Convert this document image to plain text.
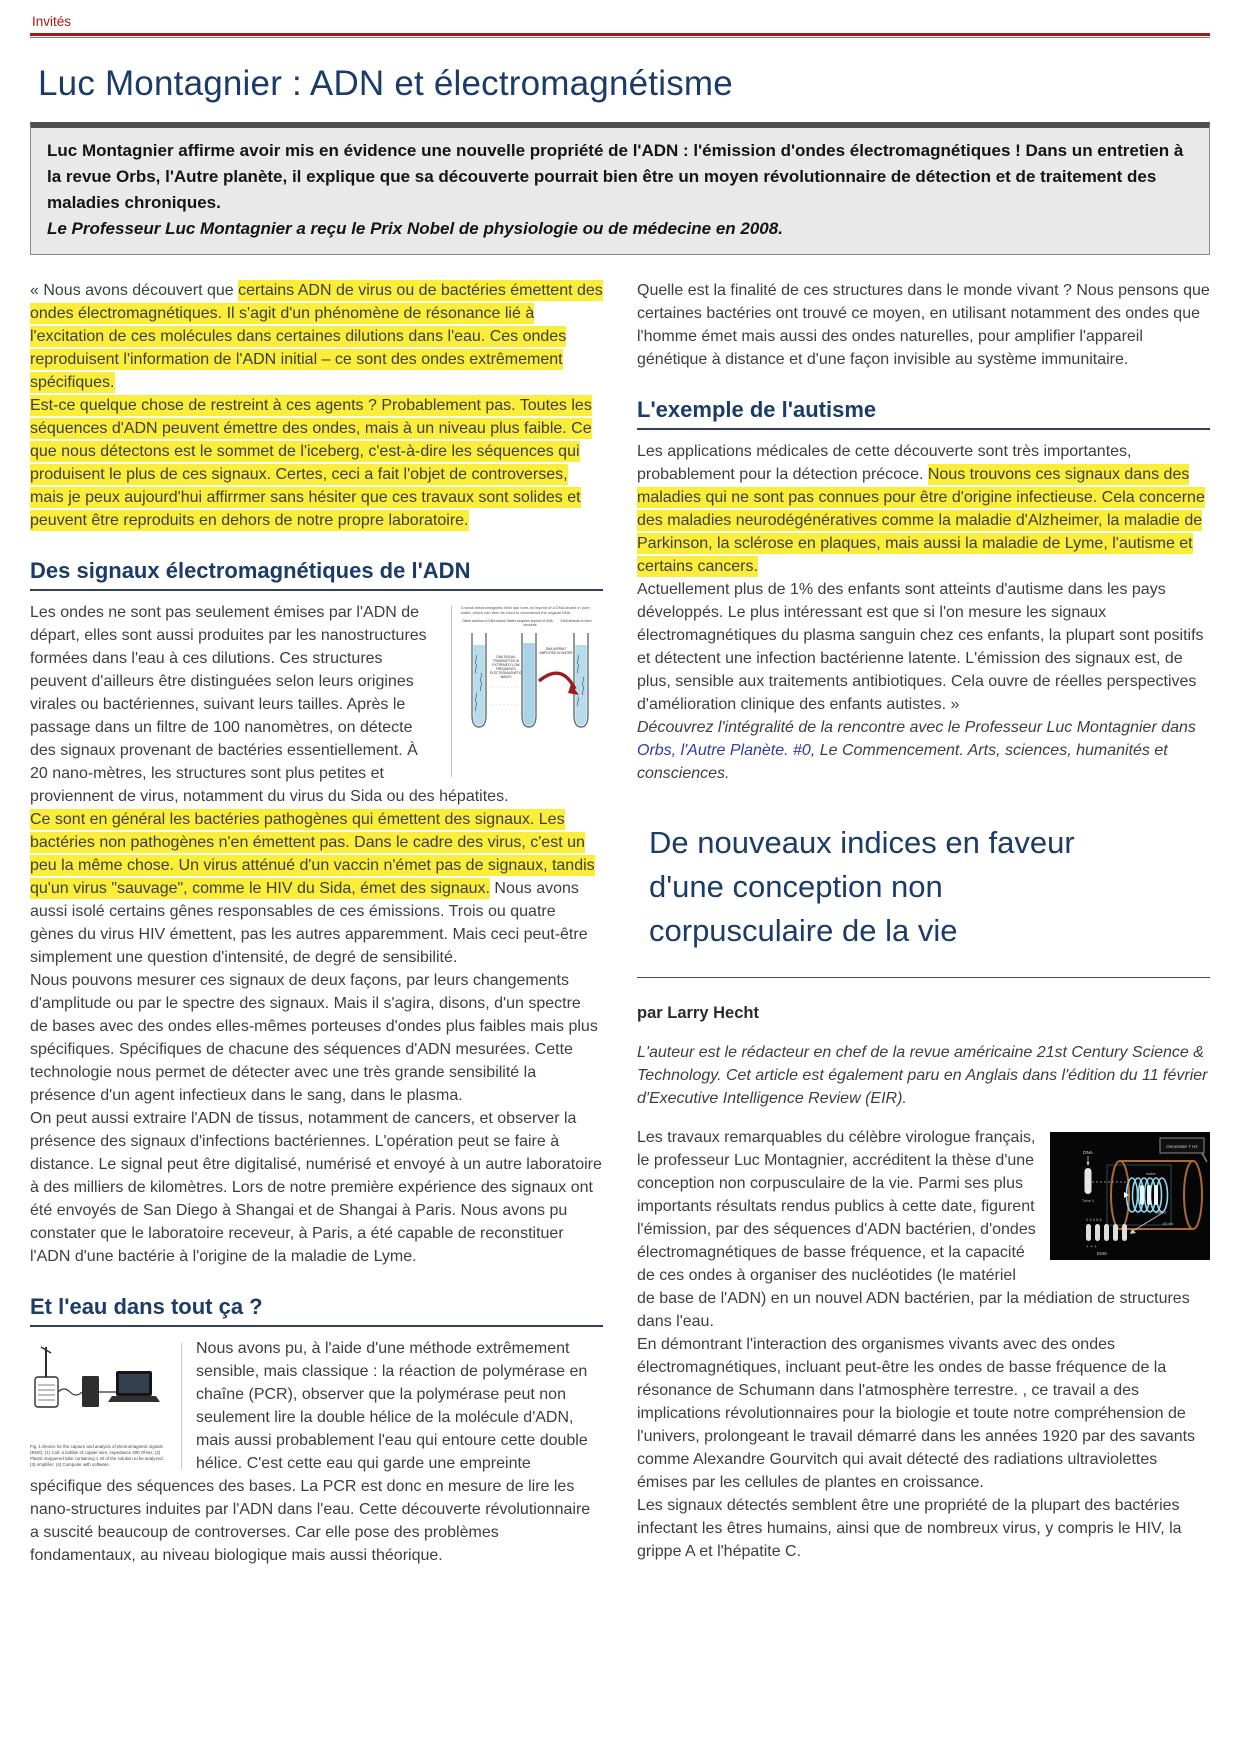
Invités
Luc Montagnier : ADN et électromagnétisme

Luc Montagnier affirme avoir mis en évidence une nouvelle propriété de l'ADN : l'émission d'ondes électromagnétiques ! Dans un entretien à la revue Orbs, l'Autre planète, il explique que sa découverte pourrait bien être un moyen révolutionnaire de détection et de traitement des maladies chroniques.

Le Professeur Luc Montagnier a reçu le Prix Nobel de physiologie ou de médecine en 2008.

« Nous avons découvert que certains ADN de virus ou de bactéries émettent des ondes électromagnétiques. Il s'agit d'un phénomène de résonance lié à l'excitation de ces molécules dans certaines dilutions dans l'eau. Ces ondes reproduisent l'information de l'ADN initial – ce sont des ondes extrêmement spécifiques.
Est-ce quelque chose de restreint à ces agents ? Probablement pas. Toutes les séquences d'ADN peuvent émettre des ondes, mais à un niveau plus faible. Ce que nous détectons est le sommet de l'iceberg, c'est-à-dire les séquences qui produisent le plus de ces signaux. Certes, ceci a fait l'objet de controverses, mais je peux aujourd'hui affirrmer sans hésiter que ces travaux sont solides et peuvent être reproduits en dehors de notre propre laboratoire.

Des signaux électromagnétiques de l'ADN
A weak electromagnetic field can form an imprint of a DNA strand in pure water, which can then be used to reconstruct the original DNA
Dilute solution of DNA strand Water acquires imprint of DNA structure
DNA strands re-form
DNA SIGNAL TRANSMITTED IN EXTREMELY LOW FREQUENCY ELECTROMAGNETIC WAVES
DNA IMPRINT AMPLIFIED IN WATER

Les ondes ne sont pas seulement émises par l'ADN de départ, elles sont aussi produites par les nanostructures formées dans l'eau à ces dilutions. Ces structures peuvent d'ailleurs être distinguées selon leurs origines virales ou bactériennes, suivant leurs tailles. Après le passage dans un filtre de 100 nanomètres, on détecte des signaux provenant de bactéries essentiellement. À 20 nano-mètres, les structures sont plus petites et proviennent de virus, notamment du virus du Sida ou des hépatites.
Ce sont en général les bactéries pathogènes qui émettent des signaux. Les bactéries non pathogènes n'en émettent pas. Dans le cadre des virus, c'est un peu la même chose. Un virus atténué d'un vaccin n'émet pas de signaux, tandis qu'un virus "sauvage", comme le HIV du Sida, émet des signaux. Nous avons aussi isolé certains gênes responsables de ces émissions. Trois ou quatre gènes du virus HIV émettent, pas les autres apparemment. Mais ceci peut-être simplement une question d'intensité, de degré de sensibilité.
Nous pouvons mesurer ces signaux de deux façons, par leurs changements d'amplitude ou par le spectre des signaux. Mais il s'agira, disons, d'un spectre de bases avec des ondes elles-mêmes porteuses d'ondes plus faibles mais plus spécifiques. Spécifiques de chacune des séquences d'ADN mesurées. Cette technologie nous permet de détecter avec une très grande sensibilité la présence d'un agent infectieux dans le sang, dans le plasma.
On peut aussi extraire l'ADN de tissus, notamment de cancers, et observer la présence des signaux d'infections bactériennes. L'opération peut se faire à distance. Le signal peut être digitalisé, numérisé et envoyé à un autre laboratoire à des milliers de kilomètres. Lors de notre première expérience des signaux ont été envoyés de San Diego à Shangai et de Shangai à Paris. Nous avons pu constater que le laboratoire receveur, à Paris, a été capable de reconstituer l'ADN d'une bactérie à l'origine de la maladie de Lyme.

Et l'eau dans tout ça ?
Fig. 1 Device for the capture and analysis of electromagnetic signals (EMS): (1) Coil: a bobbin of copper wire, impedance 300 Ohms; (2) Plastic stoppered tube containing 1 ml of the solution to be analyzed; (3) Amplifier; (4) Computer with software.

Nous avons pu, à l'aide d'une méthode extrêmement sensible, mais classique : la réaction de polymérase en chaîne (PCR), observer que la polymérase peut non seulement lire la double hélice de la molécule d'ADN, mais aussi probablement l'eau qui entoure cette double hélice. C'est cette eau qui garde une empreinte spécifique des séquences des bases. La PCR est donc en mesure de lire les nano-structures induites par l'ADN dans l'eau. Cette découverte révolutionnaire a suscité beaucoup de controverses. Car elle pose des problèmes fondamentaux, au niveau biologique mais aussi théorique.

Quelle est la finalité de ces structures dans le monde vivant ? Nous pensons que certaines bactéries ont trouvé ce moyen, en utilisant notamment des ondes que l'homme émet mais aussi des ondes naturelles, pour amplifier l'appareil génétique à distance et d'une façon invisible au système immunitaire.

L'exemple de l'autisme

Les applications médicales de cette découverte sont très importantes, probablement pour la détection précoce. Nous trouvons ces signaux dans des maladies qui ne sont pas connues pour être d'origine infectieuse. Cela concerne des maladies neurodégénératives comme la maladie d'Alzheimer, la maladie de Parkinson, la sclérose en plaques, mais aussi la maladie de Lyme, l'autisme et certains cancers.
Actuellement plus de 1% des enfants sont atteints d'autisme dans les pays développés. Le plus intéressant est que si l'on mesure les signaux électromagnétiques du plasma sanguin chez ces enfants, la plupart sont positifs et détectent une infection bactérienne latente. L'émission des signaux est, de plus, sensible aux traitements antibiotiques. Cela ouvre de réelles perspectives d'amélioration clinique des enfants autistes. »

Découvrez l'intégralité de la rencontre avec le Professeur Luc Montagnier dans Orbs, l'Autre Planète. #0, Le Commencement. Arts, sciences, humanités et consciences.

De nouveaux indices en faveur d'une conception non corpusculaire de la vie

par Larry Hecht

L'auteur est le rédacteur en chef de la revue américaine 21st Century Science & Technology. Cet article est également paru en Anglais dans l'édition du 11 février d'Executive Intelligence Review (EIR).

Generator 7 Hz
DNA
Tube 1
water
2 3 4 5 6
+ + +
EMS
18 hrs
Tube 2

Les travaux remarquables du célèbre virologue français, le professeur Luc Montagnier, accréditent la thèse d'une conception non corpusculaire de la vie. Parmi ses plus importants résultats rendus publics à cette date, figurent l'émission, par des séquences d'ADN bactérien, d'ondes électromagnétiques de basse fréquence, et la capacité de ces ondes à organiser des nucléotides (le matériel de base de l'ADN) en un nouvel ADN bactérien, par la médiation de structures dans l'eau.
En démontrant l'interaction des organismes vivants avec des ondes électromagnétiques, incluant peut-être les ondes de basse fréquence de la résonance de Schumann dans l'atmosphère terrestre. , ce travail a des implications révolutionnaires pour la biologie et toute notre compréhension de l'univers, prolongeant le travail démarré dans les années 1920 par des savants comme Alexandre Gourvitch qui avait détecté des radiations ultraviolettes émises par les cellules de plantes en croissance.
Les signaux détectés semblent être une propriété de la plupart des bactéries infectant les êtres humains, ainsi que de nombreux virus, y compris le HIV, la grippe A et l'hépatite C.
